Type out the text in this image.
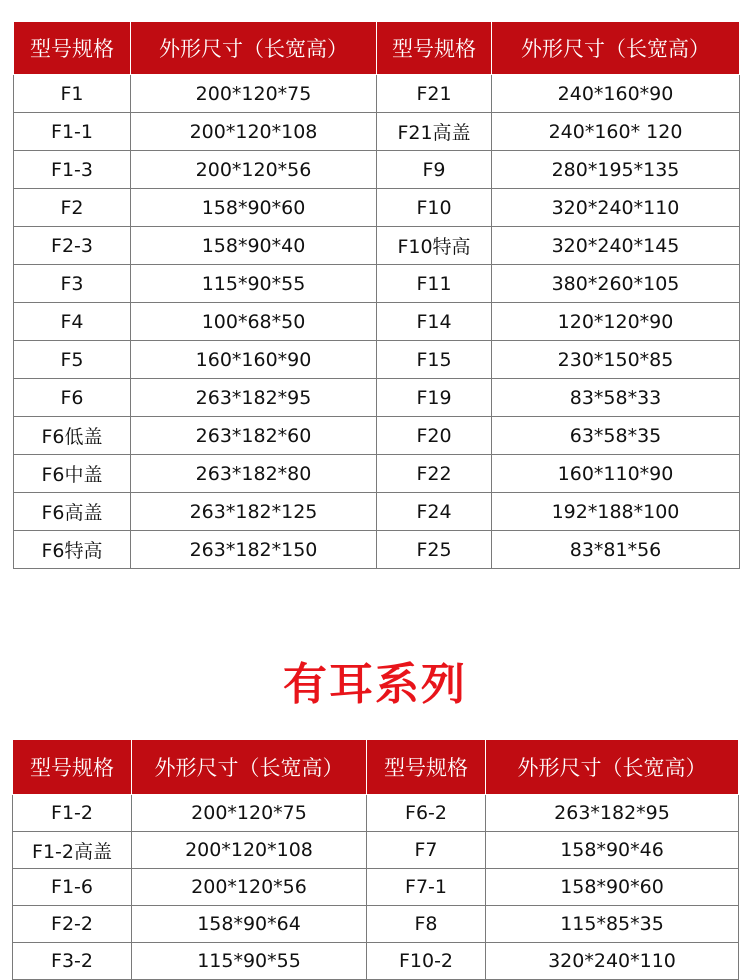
型号规格	外形尺寸（长宽高）	型号规格	外形尺寸（长宽高）
F1	200*120*75	F21	240*160*90
F1-1	200*120*108	F21高盖	240*160* 120
F1-3	200*120*56	F9	280*195*135
F2	158*90*60	F10	320*240*110
F2-3	158*90*40	F10特高	320*240*145
F3	115*90*55	F11	380*260*105
F4	100*68*50	F14	120*120*90
F5	160*160*90	F15	230*150*85
F6	263*182*95	F19	83*58*33
F6低盖	263*182*60	F20	63*58*35
F6中盖	263*182*80	F22	160*110*90
F6高盖	263*182*125	F24	192*188*100
F6特高	263*182*150	F25	83*81*56
有耳系列
型号规格	外形尺寸（长宽高）	型号规格	外形尺寸（长宽高）
F1-2	200*120*75	F6-2	263*182*95
F1-2高盖	200*120*108	F7	158*90*46
F1-6	200*120*56	F7-1	158*90*60
F2-2	158*90*64	F8	115*85*35
F3-2	115*90*55	F10-2	320*240*110
